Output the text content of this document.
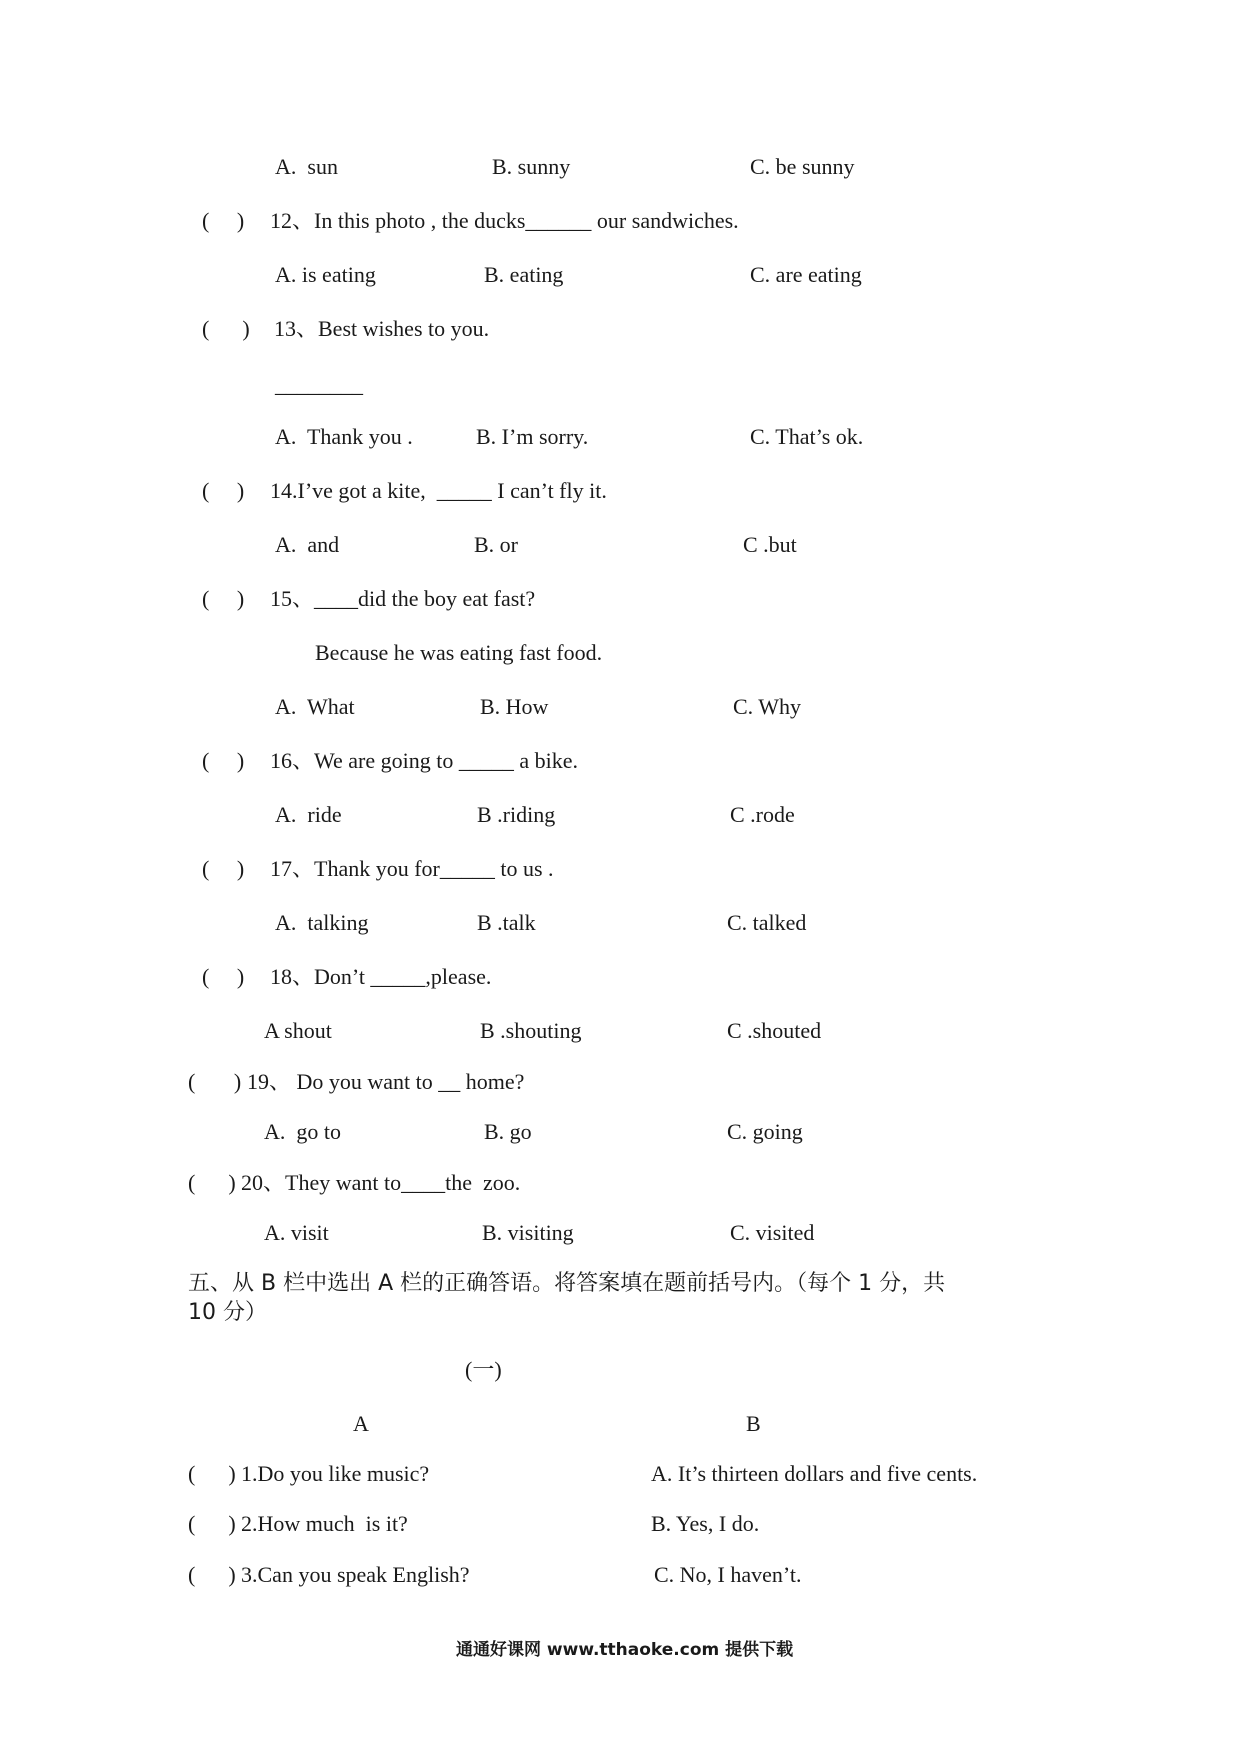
A.  sun	B. sunny	C. be sunny
(     ) 12、In this photo , the ducks______ our sandwiches.
A. is eating	B. eating	C. are eating
(      ) 13、Best wishes to you.
________
A.  Thank you .	B. I’m sorry.	C. That’s ok.
(     ) 14.I’ve got a kite,  _____ I can’t fly it.
A.  and	B. or	C .but
(     ) 15、____did the boy eat fast?
Because he was eating fast food.
A.  What	B. How	C. Why
(     ) 16、We are going to _____ a bike.
A.  ride	B .riding	C .rode
(     ) 17、Thank you for_____ to us .
A.  talking	B .talk	C. talked
(     ) 18、Don’t _____,please.
A shout	B .shouting	C .shouted
(       ) 19、 Do you want to __ home?
A.  go to	B. go	C. going
(      ) 20、They want to____the  zoo.
A. visit	B. visiting	C. visited
五、从 B 栏中选出 A 栏的正确答语。将答案填在题前括号内。（每个 1 分，共
10 分）
(一)
A	B
(      ) 1.Do you like music?	A. It’s thirteen dollars and five cents.
(      ) 2.How much  is it?	B. Yes, I do.
(      ) 3.Can you speak English?	C. No, I haven’t.
通通好课网 www.tthaoke.com 提供下载
